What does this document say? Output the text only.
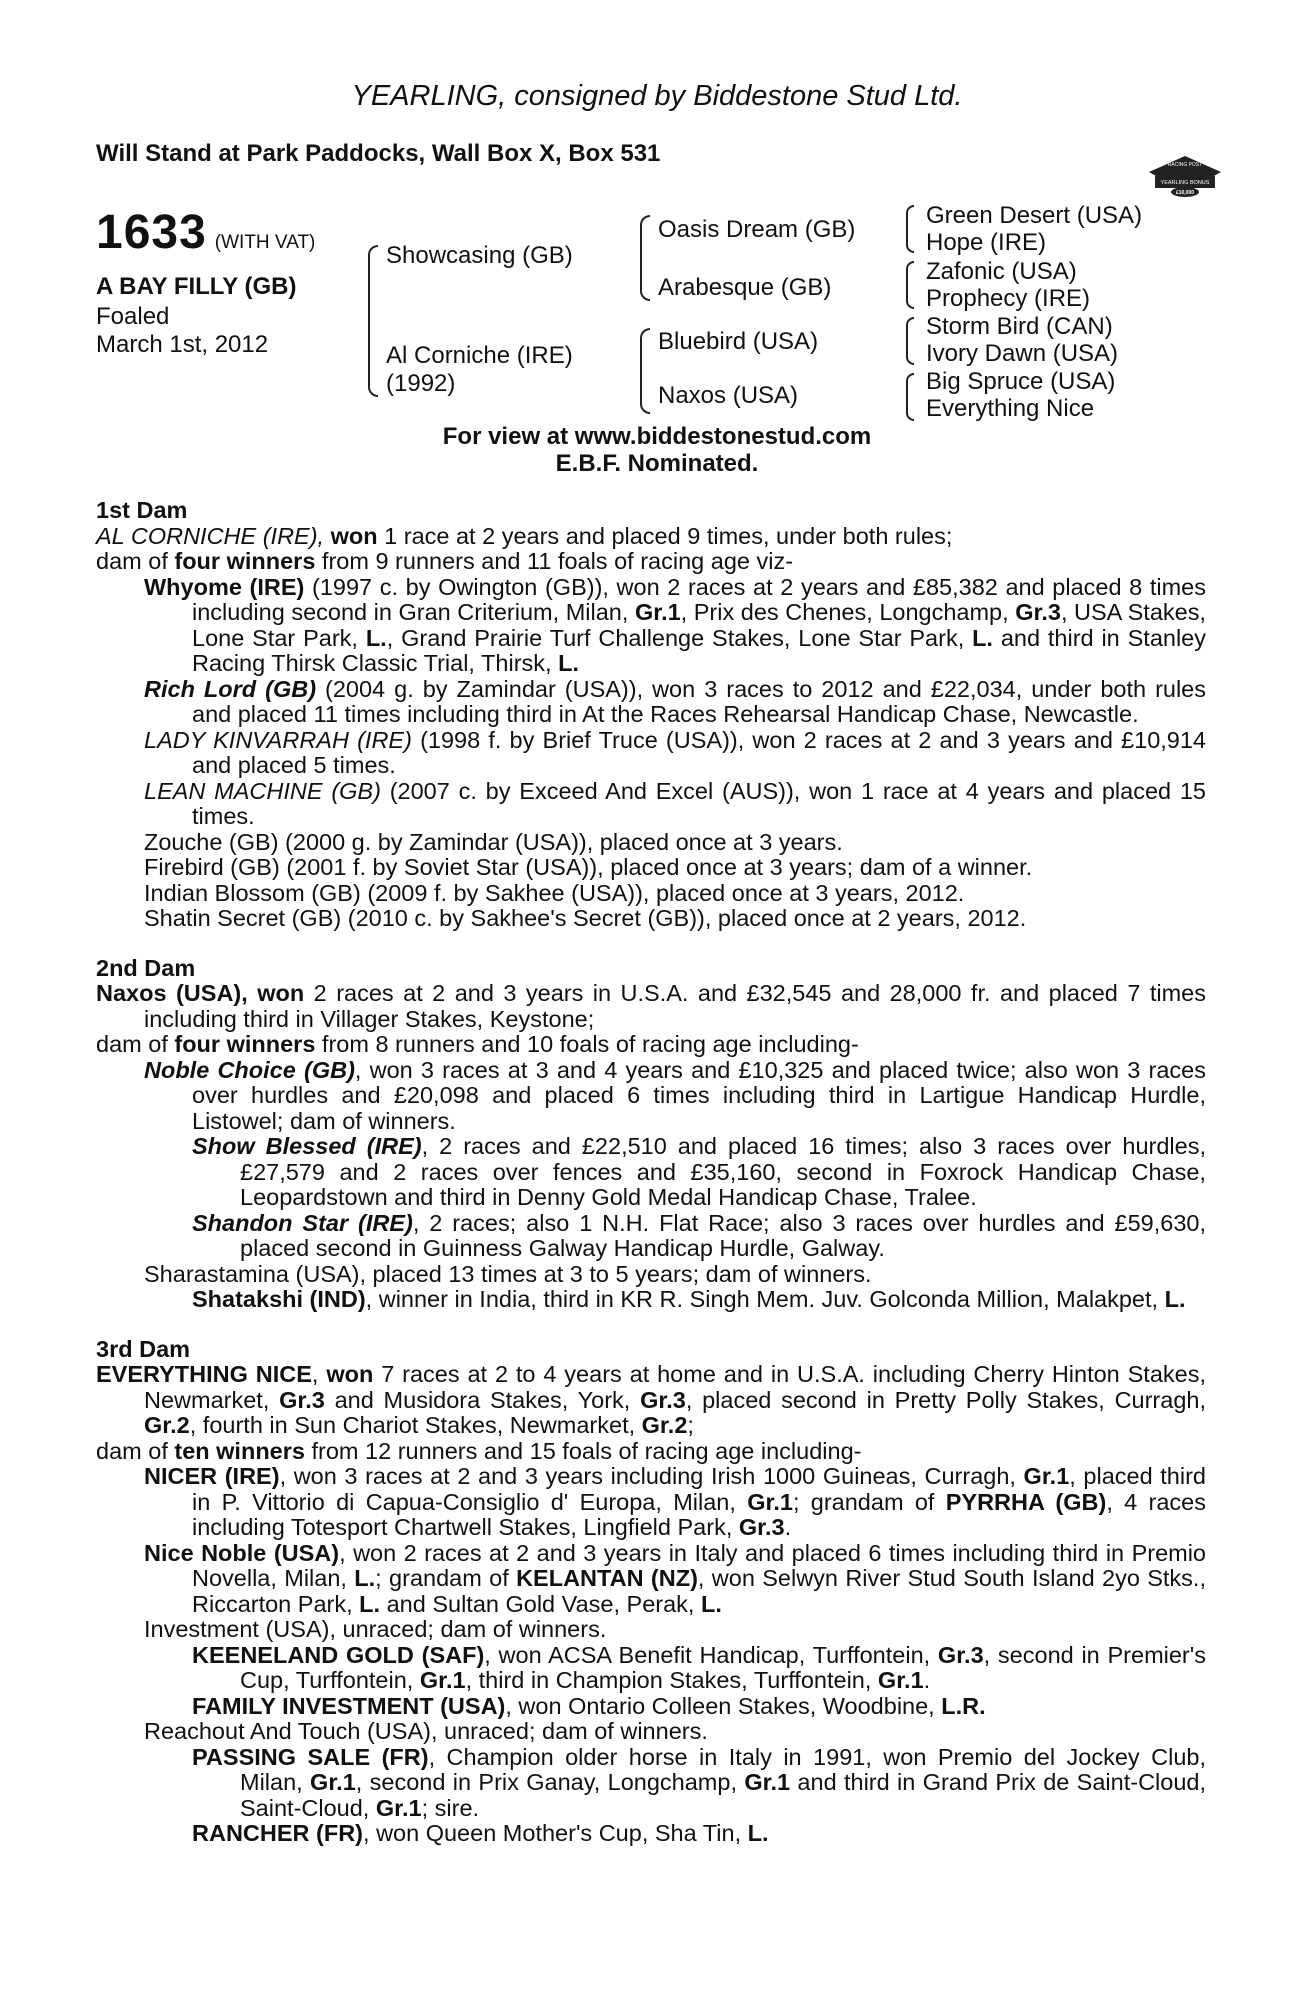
YEARLING, consigned by Biddestone Stud Ltd.
Will Stand at Park Paddocks, Wall Box X, Box 531	RACING POST
YEARLING BONUS
£10,000
1633 (WITH VAT)
A BAY FILLY (GB)
Foaled
March 1st, 2012
Showcasing (GB)
Al Corniche (IRE)
(1992)
Oasis Dream (GB)
Arabesque (GB)
Bluebird (USA)
Naxos (USA)
Green Desert (USA)
Hope (IRE)
Zafonic (USA)
Prophecy (IRE)
Storm Bird (CAN)
Ivory Dawn (USA)
Big Spruce (USA)
Everything Nice
For view at www.biddestonestud.com
E.B.F. Nominated.

1st Dam

AL CORNICHE (IRE), won 1 race at 2 years and placed 9 times, under both rules;

dam of four winners from 9 runners and 11 foals of racing age viz-

Whyome (IRE) (1997 c. by Owington (GB)), won 2 races at 2 years and £85,382 and placed 8 times including second in Gran Criterium, Milan, Gr.1, Prix des Chenes, Longchamp, Gr.3, USA Stakes, Lone Star Park, L., Grand Prairie Turf Challenge Stakes, Lone Star Park, L. and third in Stanley Racing Thirsk Classic Trial, Thirsk, L.

Rich Lord (GB) (2004 g. by Zamindar (USA)), won 3 races to 2012 and £22,034, under both rules and placed 11 times including third in At the Races Rehearsal Handicap Chase, Newcastle.

LADY KINVARRAH (IRE) (1998 f. by Brief Truce (USA)), won 2 races at 2 and 3 years and £10,914 and placed 5 times.

LEAN MACHINE (GB) (2007 c. by Exceed And Excel (AUS)), won 1 race at 4 years and placed 15 times.

Zouche (GB) (2000 g. by Zamindar (USA)), placed once at 3 years.

Firebird (GB) (2001 f. by Soviet Star (USA)), placed once at 3 years; dam of a winner.

Indian Blossom (GB) (2009 f. by Sakhee (USA)), placed once at 3 years, 2012.

Shatin Secret (GB) (2010 c. by Sakhee's Secret (GB)), placed once at 2 years, 2012.

2nd Dam

Naxos (USA), won 2 races at 2 and 3 years in U.S.A. and £32,545 and 28,000 fr. and placed 7 times including third in Villager Stakes, Keystone;

dam of four winners from 8 runners and 10 foals of racing age including-

Noble Choice (GB), won 3 races at 3 and 4 years and £10,325 and placed twice; also won 3 races over hurdles and £20,098 and placed 6 times including third in Lartigue Handicap Hurdle, Listowel; dam of winners.

Show Blessed (IRE), 2 races and £22,510 and placed 16 times; also 3 races over hurdles, £27,579 and 2 races over fences and £35,160, second in Foxrock Handicap Chase, Leopardstown and third in Denny Gold Medal Handicap Chase, Tralee.

Shandon Star (IRE), 2 races; also 1 N.H. Flat Race; also 3 races over hurdles and £59,630, placed second in Guinness Galway Handicap Hurdle, Galway.

Sharastamina (USA), placed 13 times at 3 to 5 years; dam of winners.

Shatakshi (IND), winner in India, third in KR R. Singh Mem. Juv. Golconda Million, Malakpet, L.

3rd Dam

EVERYTHING NICE, won 7 races at 2 to 4 years at home and in U.S.A. including Cherry Hinton Stakes, Newmarket, Gr.3 and Musidora Stakes, York, Gr.3, placed second in Pretty Polly Stakes, Curragh, Gr.2, fourth in Sun Chariot Stakes, Newmarket, Gr.2;

dam of ten winners from 12 runners and 15 foals of racing age including-

NICER (IRE), won 3 races at 2 and 3 years including Irish 1000 Guineas, Curragh, Gr.1, placed third in P. Vittorio di Capua-Consiglio d' Europa, Milan, Gr.1; grandam of PYRRHA (GB), 4 races including Totesport Chartwell Stakes, Lingfield Park, Gr.3.

Nice Noble (USA), won 2 races at 2 and 3 years in Italy and placed 6 times including third in Premio Novella, Milan, L.; grandam of KELANTAN (NZ), won Selwyn River Stud South Island 2yo Stks., Riccarton Park, L. and Sultan Gold Vase, Perak, L.

Investment (USA), unraced; dam of winners.

KEENELAND GOLD (SAF), won ACSA Benefit Handicap, Turffontein, Gr.3, second in Premier's Cup, Turffontein, Gr.1, third in Champion Stakes, Turffontein, Gr.1.

FAMILY INVESTMENT (USA), won Ontario Colleen Stakes, Woodbine, L.R.

Reachout And Touch (USA), unraced; dam of winners.

PASSING SALE (FR), Champion older horse in Italy in 1991, won Premio del Jockey Club, Milan, Gr.1, second in Prix Ganay, Longchamp, Gr.1 and third in Grand Prix de Saint-Cloud, Saint-Cloud, Gr.1; sire.

RANCHER (FR), won Queen Mother's Cup, Sha Tin, L.
